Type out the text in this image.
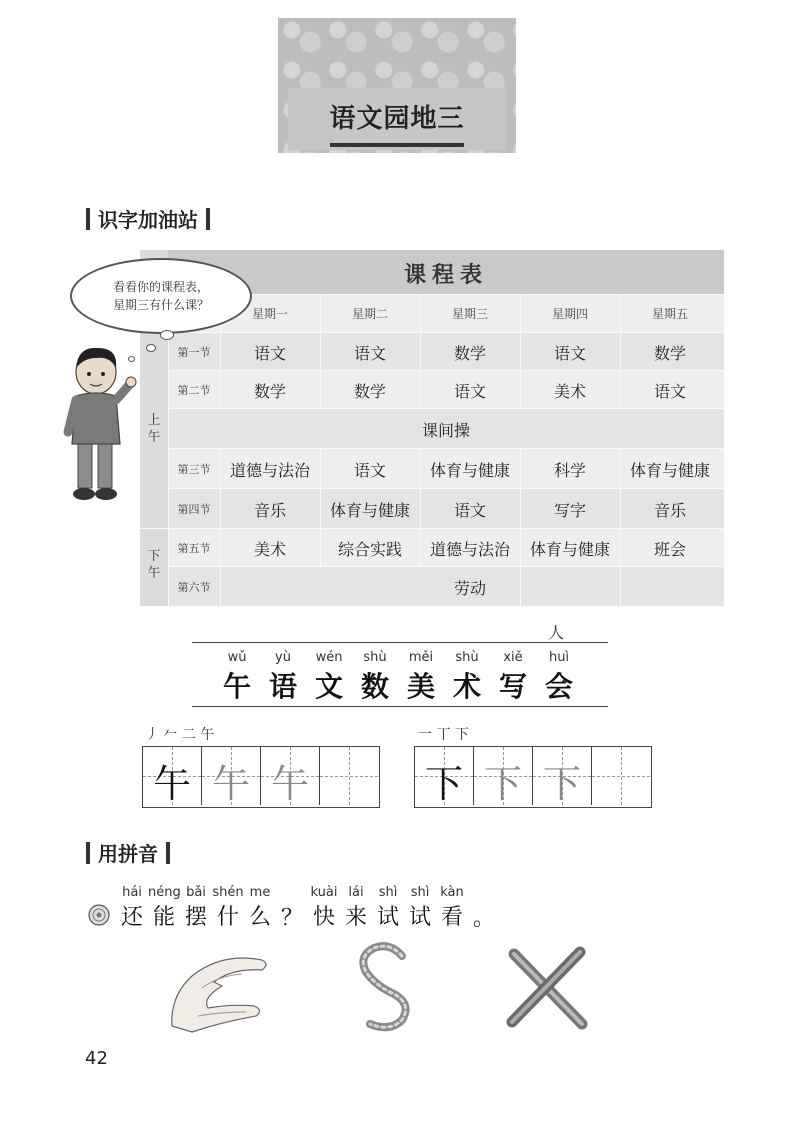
语文园地三
识字加油站
课程表
星期一	星期二	星期三	星期四	星期五
上午
下午
第一节	语文	语文	数学	语文	数学
第二节	数学	数学	语文	美术	语文
课间操
第三节	道德与法治	语文	体育与健康	科学	体育与健康
第四节	音乐	体育与健康	语文	写字	音乐
第五节	美术	综合实践	道德与法治	体育与健康	班会
第六节	劳动
看看你的课程表，
星期三有什么课？
人
wǔ
午
yù
语
wén
文
shù
数
měi
美
shù
术
xiě
写
huì
会
丿 𠂉 二 午
午 午 午
一 丅 下
下 下 下
用拼音
hái
还
néng
能
bǎi
摆
shén
什
me
么 ？
kuài
快
lái
来
shì
试
shì
试
kàn
看 。
42
